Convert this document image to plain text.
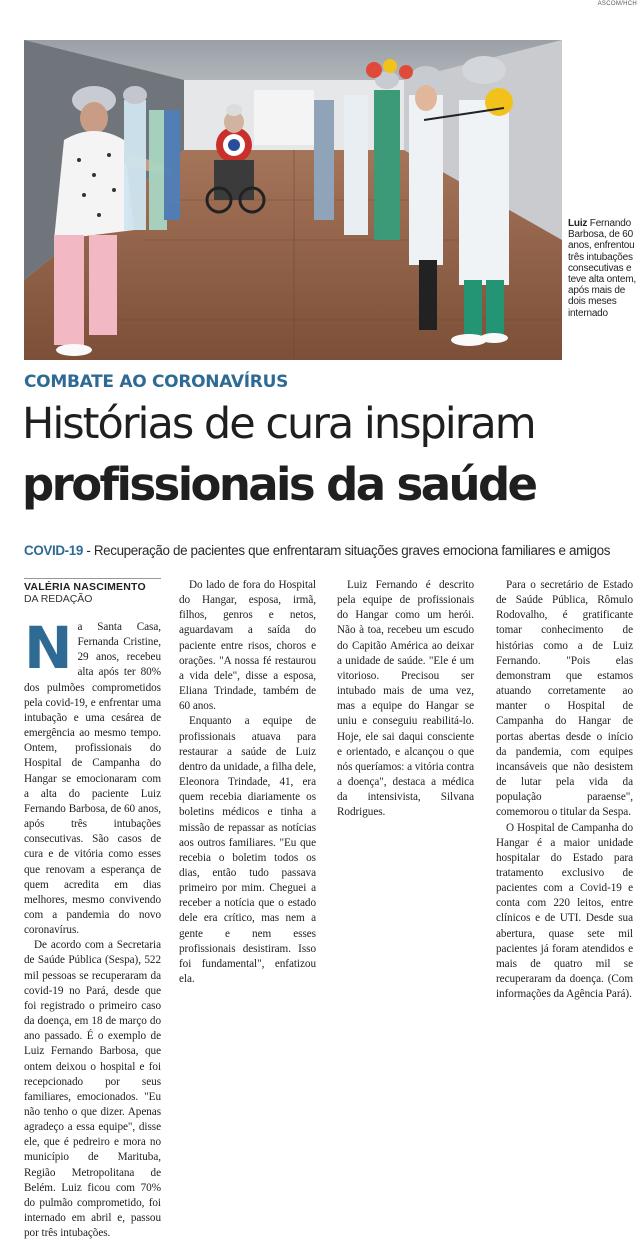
ASCOM/HCH
Luiz Fernando Barbosa, de 60 anos, enfrentou três intubações consecutivas e teve alta ontem, após mais de dois meses internado
COMBATE AO CORONAVÍRUS
Histórias de cura inspiram
profissionais da saúde
COVID-19 - Recuperação de pacientes que enfrentaram situações graves emociona familiares e amigos
VALÉRIA NASCIMENTO
DA REDAÇÃO

Na Santa Casa, Fernanda Cristine, 29 anos, recebeu alta após ter 80% dos pulmões comprometidos pela covid-19, e enfrentar uma intubação e uma cesárea de emergência ao mesmo tempo. Ontem, profissionais do Hospital de Campanha do Hangar se emocionaram com a alta do paciente Luiz Fernando Barbosa, de 60 anos, após três intubações consecutivas. São casos de cura e de vitória como esses que renovam a esperança de quem acredita em dias melhores, mesmo convivendo com a pandemia do novo coronavírus.

De acordo com a Secretaria de Saúde Pública (Sespa), 522 mil pessoas se recuperaram da covid-19 no Pará, desde que foi registrado o primeiro caso da doença, em 18 de março do ano passado. É o exemplo de Luiz Fernando Barbosa, que ontem deixou o hospital e foi recepcionado por seus familiares, emocionados. "Eu não tenho o que dizer. Apenas agradeço a essa equipe", disse ele, que é pedreiro e mora no município de Marituba, Região Metropolitana de Belém. Luiz ficou com 70% do pulmão comprometido, foi internado em abril e, passou por três intubações.

Do lado de fora do Hospital do Hangar, esposa, irmã, filhos, genros e netos, aguardavam a saída do paciente entre risos, choros e orações. "A nossa fé restaurou a vida dele", disse a esposa, Eliana Trindade, também de 60 anos.

Enquanto a equipe de profissionais atuava para restaurar a saúde de Luiz dentro da unidade, a filha dele, Eleonora Trindade, 41, era quem recebia diariamente os boletins médicos e tinha a missão de repassar as notícias aos outros familiares. "Eu que recebia o boletim todos os dias, então tudo passava primeiro por mim. Cheguei a receber a notícia que o estado dele era crítico, mas nem a gente e nem esses profissionais desistiram. Isso foi fundamental", enfatizou ela.

Luiz Fernando é descrito pela equipe de profissionais do Hangar como um herói. Não à toa, recebeu um escudo do Capitão América ao deixar a unidade de saúde. "Ele é um vitorioso. Precisou ser intubado mais de uma vez, mas a equipe do Hangar se uniu e conseguiu reabilitá-lo. Hoje, ele sai daqui consciente e orientado, e alcançou o que nós queríamos: a vitória contra a doença", destaca a médica da intensivista, Silvana Rodrigues.

Para o secretário de Estado de Saúde Pública, Rômulo Rodovalho, é gratificante tomar conhecimento de histórias como a de Luiz Fernando. "Pois elas demonstram que estamos atuando corretamente ao manter o Hospital de Campanha do Hangar de portas abertas desde o início da pandemia, com equipes incansáveis que não desistem de lutar pela vida da população paraense", comemorou o titular da Sespa.

O Hospital de Campanha do Hangar é a maior unidade hospitalar do Estado para tratamento exclusivo de pacientes com a Covid-19 e conta com 220 leitos, entre clínicos e de UTI. Desde sua abertura, quase sete mil pacientes já foram atendidos e mais de quatro mil se recuperaram da doença. (Com informações da Agência Pará).
